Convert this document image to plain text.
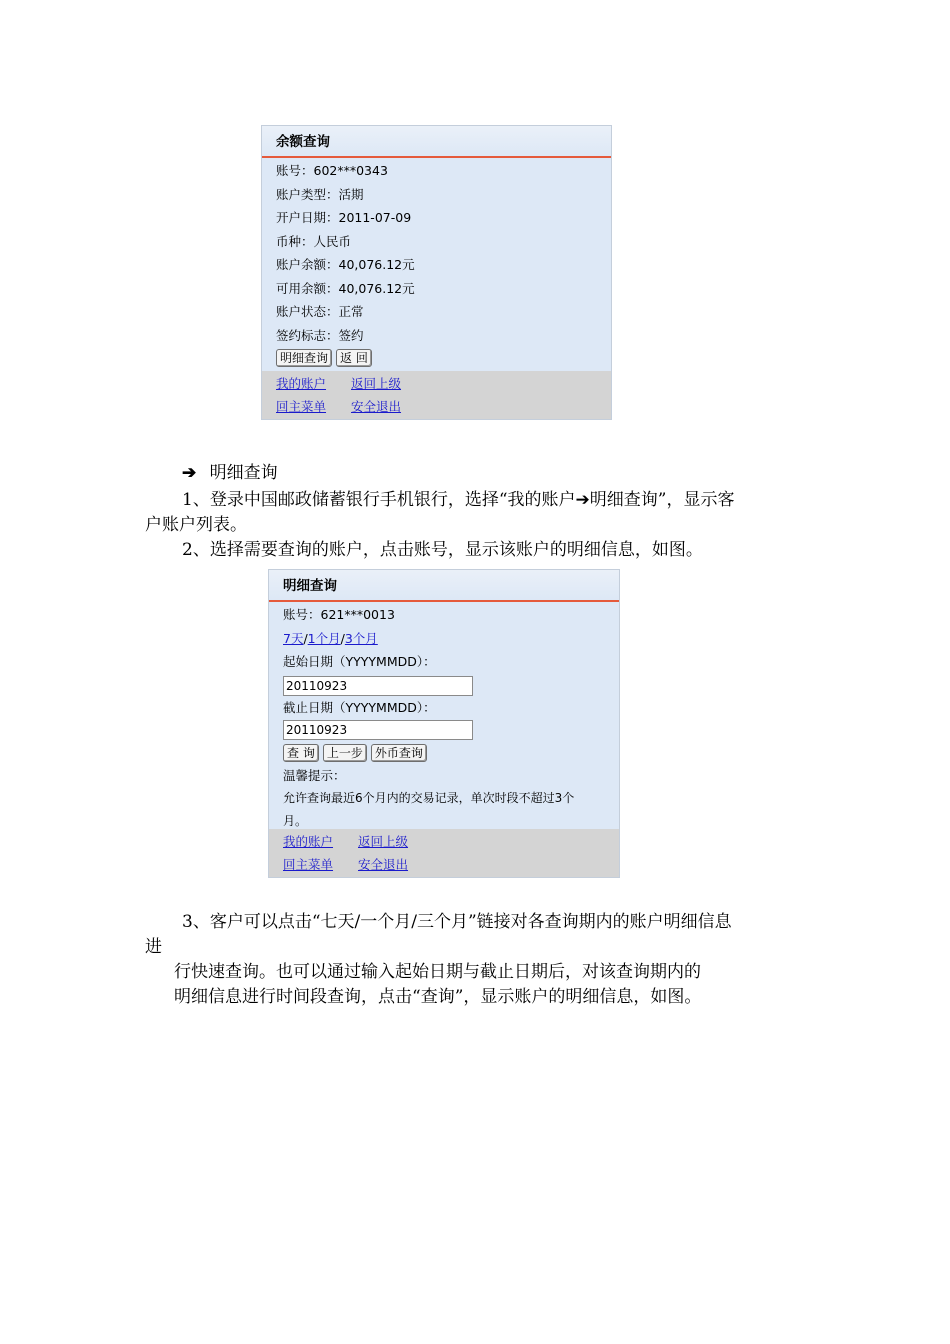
余额查询
账号：602***0343
账户类型：活期
开户日期：2011-07-09
币种：人民币
账户余额：40,076.12元
可用余额：40,076.12元
账户状态：正常
签约标志：签约
明细查询	返 回
我的账户 返回上级
回主菜单 安全退出
➔ 明细查询
1、登录中国邮政储蓄银行手机银行，选择“我的账户➔明细查询”，显示客
户账户列表。
2、选择需要查询的账户，点击账号，显示该账户的明细信息，如图。
明细查询
账号：621***0013
7天/1个月/3个月
起始日期（YYYYMMDD）：
20110923
截止日期（YYYYMMDD）：
20110923
查 询	上一步	外币查询
温馨提示：
允许查询最近6个月内的交易记录，单次时段不超过3个
月。
我的账户 返回上级
回主菜单 安全退出
3、客户可以点击“七天/一个月/三个月”链接对各查询期内的账户明细信息
进
行快速查询。也可以通过输入起始日期与截止日期后，对该查询期内的
明细信息进行时间段查询，点击“查询”，显示账户的明细信息，如图。
